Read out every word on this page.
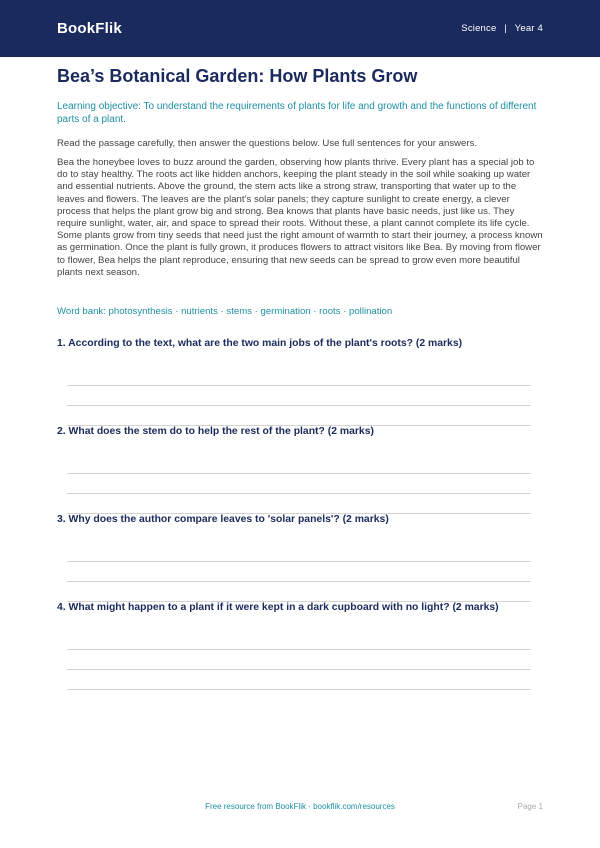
BookFlik	Science | Year 4
Bea’s Botanical Garden: How Plants Grow
Learning objective: To understand the requirements of plants for life and growth and the functions of different parts of a plant.
Read the passage carefully, then answer the questions below. Use full sentences for your answers.
Bea the honeybee loves to buzz around the garden, observing how plants thrive. Every plant has a special job to do to stay healthy. The roots act like hidden anchors, keeping the plant steady in the soil while soaking up water and essential nutrients. Above the ground, the stem acts like a strong straw, transporting that water up to the leaves and flowers. The leaves are the plant’s solar panels; they capture sunlight to create energy, a clever process that helps the plant grow big and strong. Bea knows that plants have basic needs, just like us. They require sunlight, water, air, and space to spread their roots. Without these, a plant cannot complete its life cycle. Some plants grow from tiny seeds that need just the right amount of warmth to start their journey, a process known as germination. Once the plant is fully grown, it produces flowers to attract visitors like Bea. By moving from flower to flower, Bea helps the plant reproduce, ensuring that new seeds can be spread to grow even more beautiful plants next season.
Word bank: photosynthesis · nutrients · stems · germination · roots · pollination
1. According to the text, what are the two main jobs of the plant's roots? (2 marks)
2. What does the stem do to help the rest of the plant? (2 marks)
3. Why does the author compare leaves to 'solar panels'? (2 marks)
4. What might happen to a plant if it were kept in a dark cupboard with no light? (2 marks)
Free resource from BookFlik · bookflik.com/resources	Page 1
